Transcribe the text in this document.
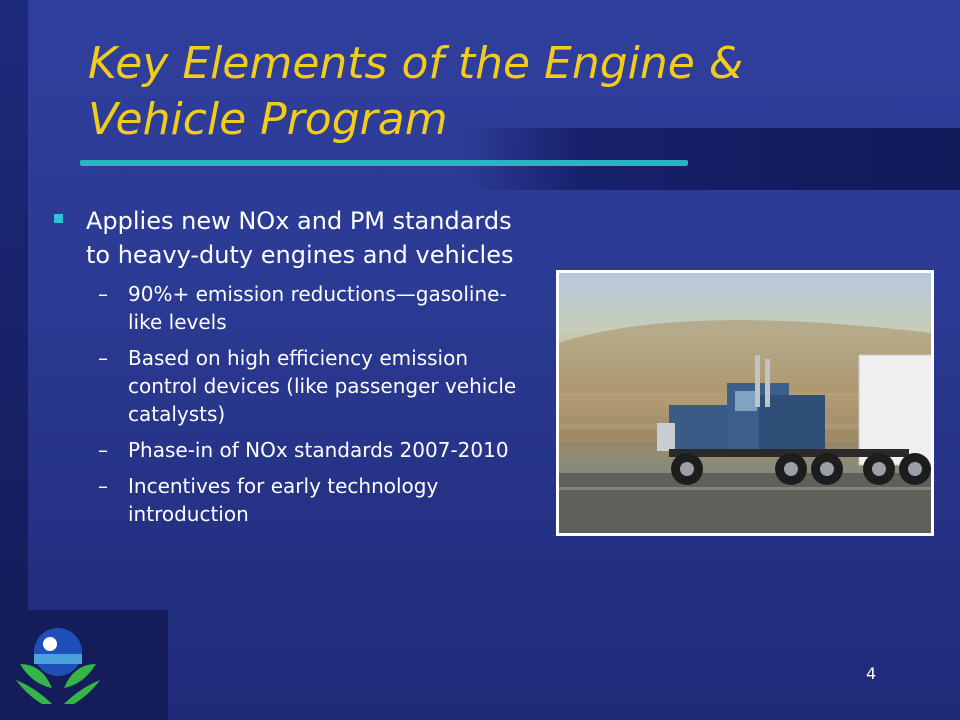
Key Elements of the Engine &
Vehicle Program
Applies new NOx and PM standards to heavy-duty engines and vehicles
– 90%+ emission reductions—gasoline-like levels
– Based on high efficiency emission control devices (like passenger vehicle catalysts)
– Phase-in of NOx standards 2007-2010
– Incentives for early technology introduction
4
